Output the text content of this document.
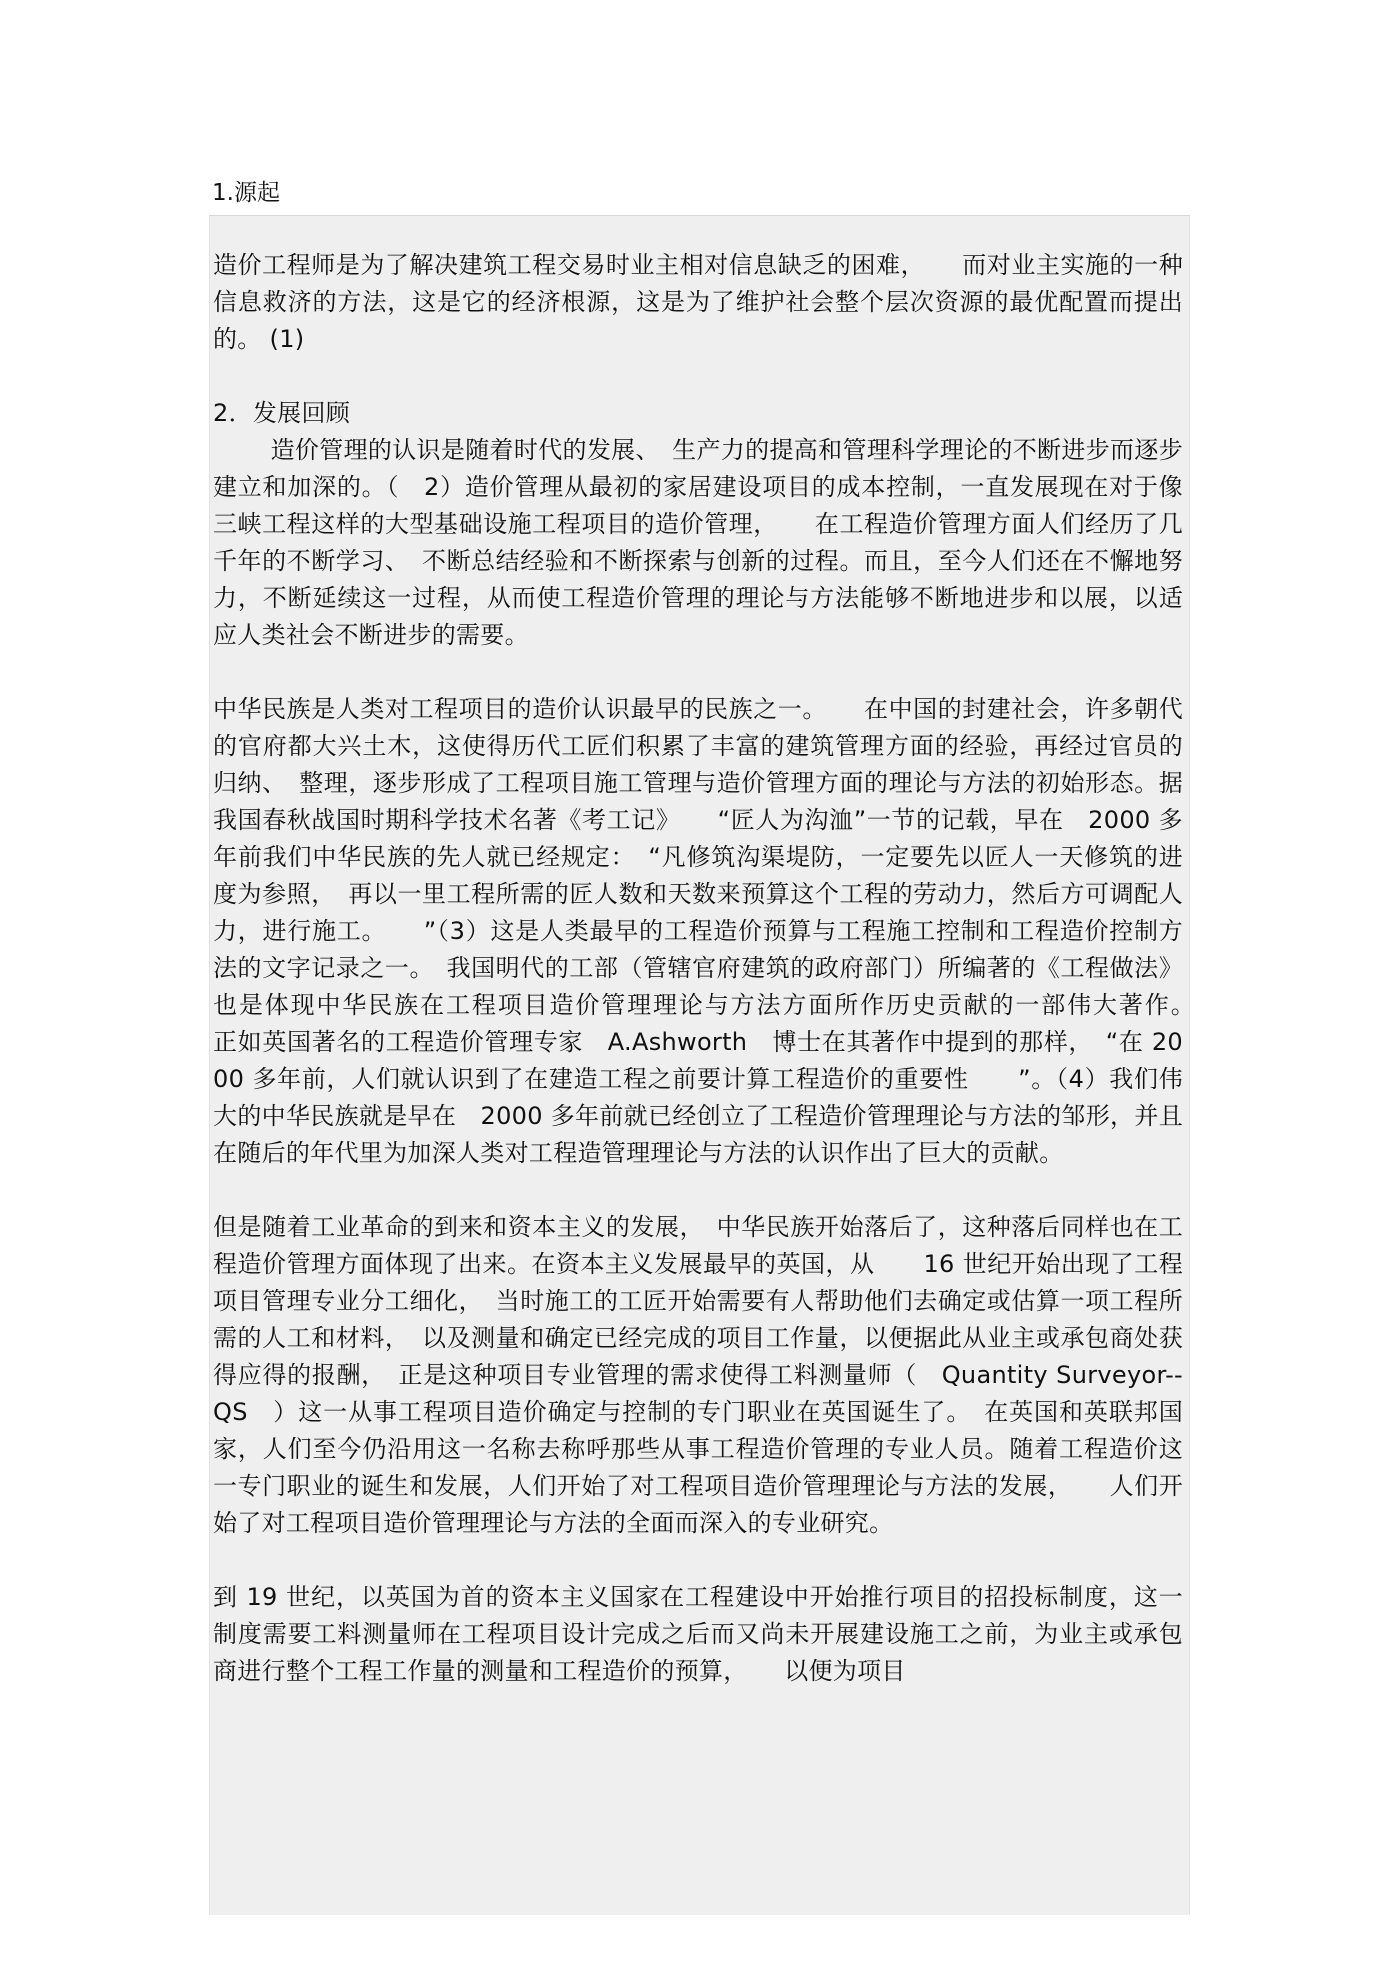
1.源起

造价工程师是为了解决建筑工程交易时业主相对信息缺乏的困难，　　而对业主实施的一种信息救济的方法，这是它的经济根源，这是为了维护社会整个层次资源的最优配置而提出的。 (1)

2．发展回顾

造价管理的认识是随着时代的发展、　生产力的提高和管理科学理论的不断进步而逐步建立和加深的。（　2）造价管理从最初的家居建设项目的成本控制，一直发展现在对于像三峡工程这样的大型基础设施工程项目的造价管理，　　在工程造价管理方面人们经历了几千年的不断学习、　不断总结经验和不断探索与创新的过程。而且，至今人们还在不懈地努力，不断延续这一过程，从而使工程造价管理的理论与方法能够不断地进步和以展，以适应人类社会不断进步的需要。

中华民族是人类对工程项目的造价认识最早的民族之一。　　在中国的封建社会，许多朝代的官府都大兴土木，这使得历代工匠们积累了丰富的建筑管理方面的经验，再经过官员的归纳、　整理，逐步形成了工程项目施工管理与造价管理方面的理论与方法的初始形态。据我国春秋战国时期科学技术名著《考工记》　　“匠人为沟洫”一节的记载，早在　2000 多年前我们中华民族的先人就已经规定：　“凡修筑沟渠堤防，一定要先以匠人一天修筑的进度为参照，　再以一里工程所需的匠人数和天数来预算这个工程的劳动力，然后方可调配人力，进行施工。　　”（3）这是人类最早的工程造价预算与工程施工控制和工程造价控制方法的文字记录之一。　我国明代的工部（管辖官府建筑的政府部门）所编著的《工程做法》也是体现中华民族在工程项目造价管理理论与方法方面所作历史贡献的一部伟大著作。　　正如英国著名的工程造价管理专家　A.Ashworth　博士在其著作中提到的那样，　“在 2000 多年前，人们就认识到了在建造工程之前要计算工程造价的重要性　　”。（4）我们伟大的中华民族就是早在　2000 多年前就已经创立了工程造价管理理论与方法的邹形，并且在随后的年代里为加深人类对工程造管理理论与方法的认识作出了巨大的贡献。

但是随着工业革命的到来和资本主义的发展，　中华民族开始落后了，这种落后同样也在工程造价管理方面体现了出来。在资本主义发展最早的英国，从　　16 世纪开始出现了工程项目管理专业分工细化，　当时施工的工匠开始需要有人帮助他们去确定或估算一项工程所需的人工和材料，　以及测量和确定已经完成的项目工作量，以便据此从业主或承包商处获得应得的报酬，　正是这种项目专业管理的需求使得工料测量师（　Quantity Surveyor--QS　）这一从事工程项目造价确定与控制的专门职业在英国诞生了。　在英国和英联邦国家，人们至今仍沿用这一名称去称呼那些从事工程造价管理的专业人员。随着工程造价这一专门职业的诞生和发展，人们开始了对工程项目造价管理理论与方法的发展，　　人们开始了对工程项目造价管理理论与方法的全面而深入的专业研究。

到 19 世纪，以英国为首的资本主义国家在工程建设中开始推行项目的招投标制度，这一制度需要工料测量师在工程项目设计完成之后而又尚未开展建设施工之前，为业主或承包商进行整个工程工作量的测量和工程造价的预算，　　以便为项目
